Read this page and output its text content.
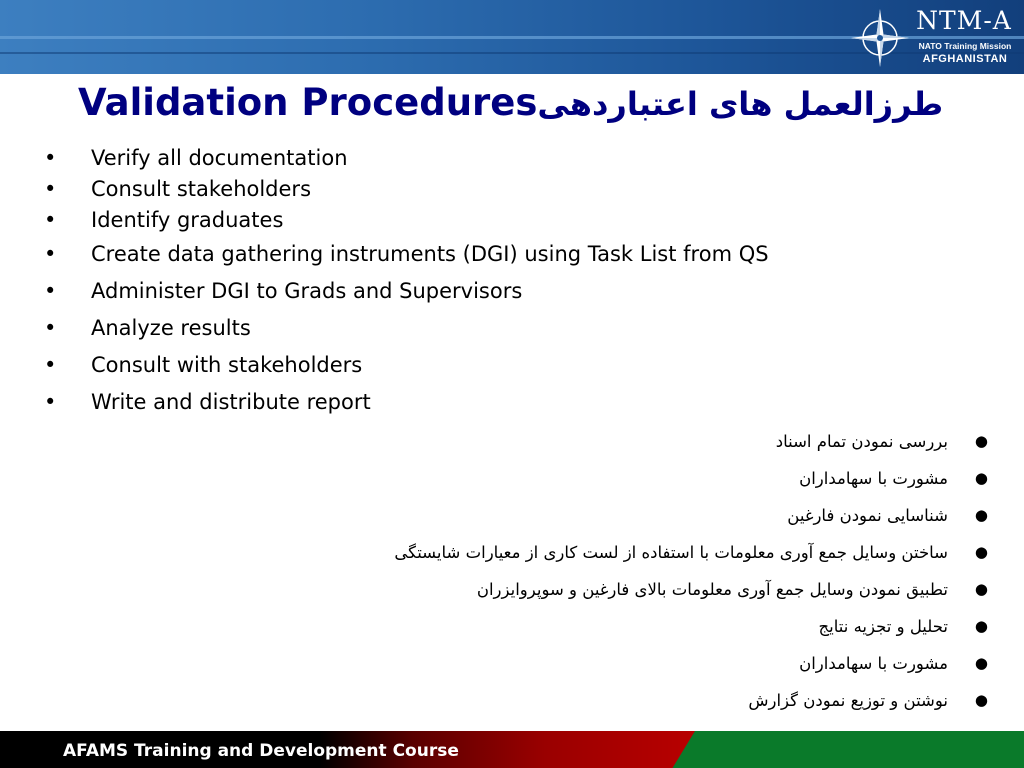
NTM-A
NATO Training Mission
AFGHANISTAN
Validation Proceduresطرزالعمل های اعتباردهی
• Verify all documentation
• Consult stakeholders
• Identify graduates
• Create data gathering instruments (DGI) using Task List from QS
• Administer DGI to Grads and Supervisors
• Analyze results
• Consult with stakeholders
• Write and distribute report
●
بررسی نمودن تمام اسناد
●
مشورت با سهامداران
●
شناسایی نمودن فارغین
●
ساختن وسایل جمع آوری معلومات با استفاده از لست کاری از معیارات شایستگی
●
تطبیق نمودن وسایل جمع آوری معلومات بالای فارغین و سوپروایزران
●
تحلیل و تجزیه نتایج
●
مشورت با سهامداران
●
نوشتن و توزیع نمودن گزارش
AFAMS Training and Development Course
